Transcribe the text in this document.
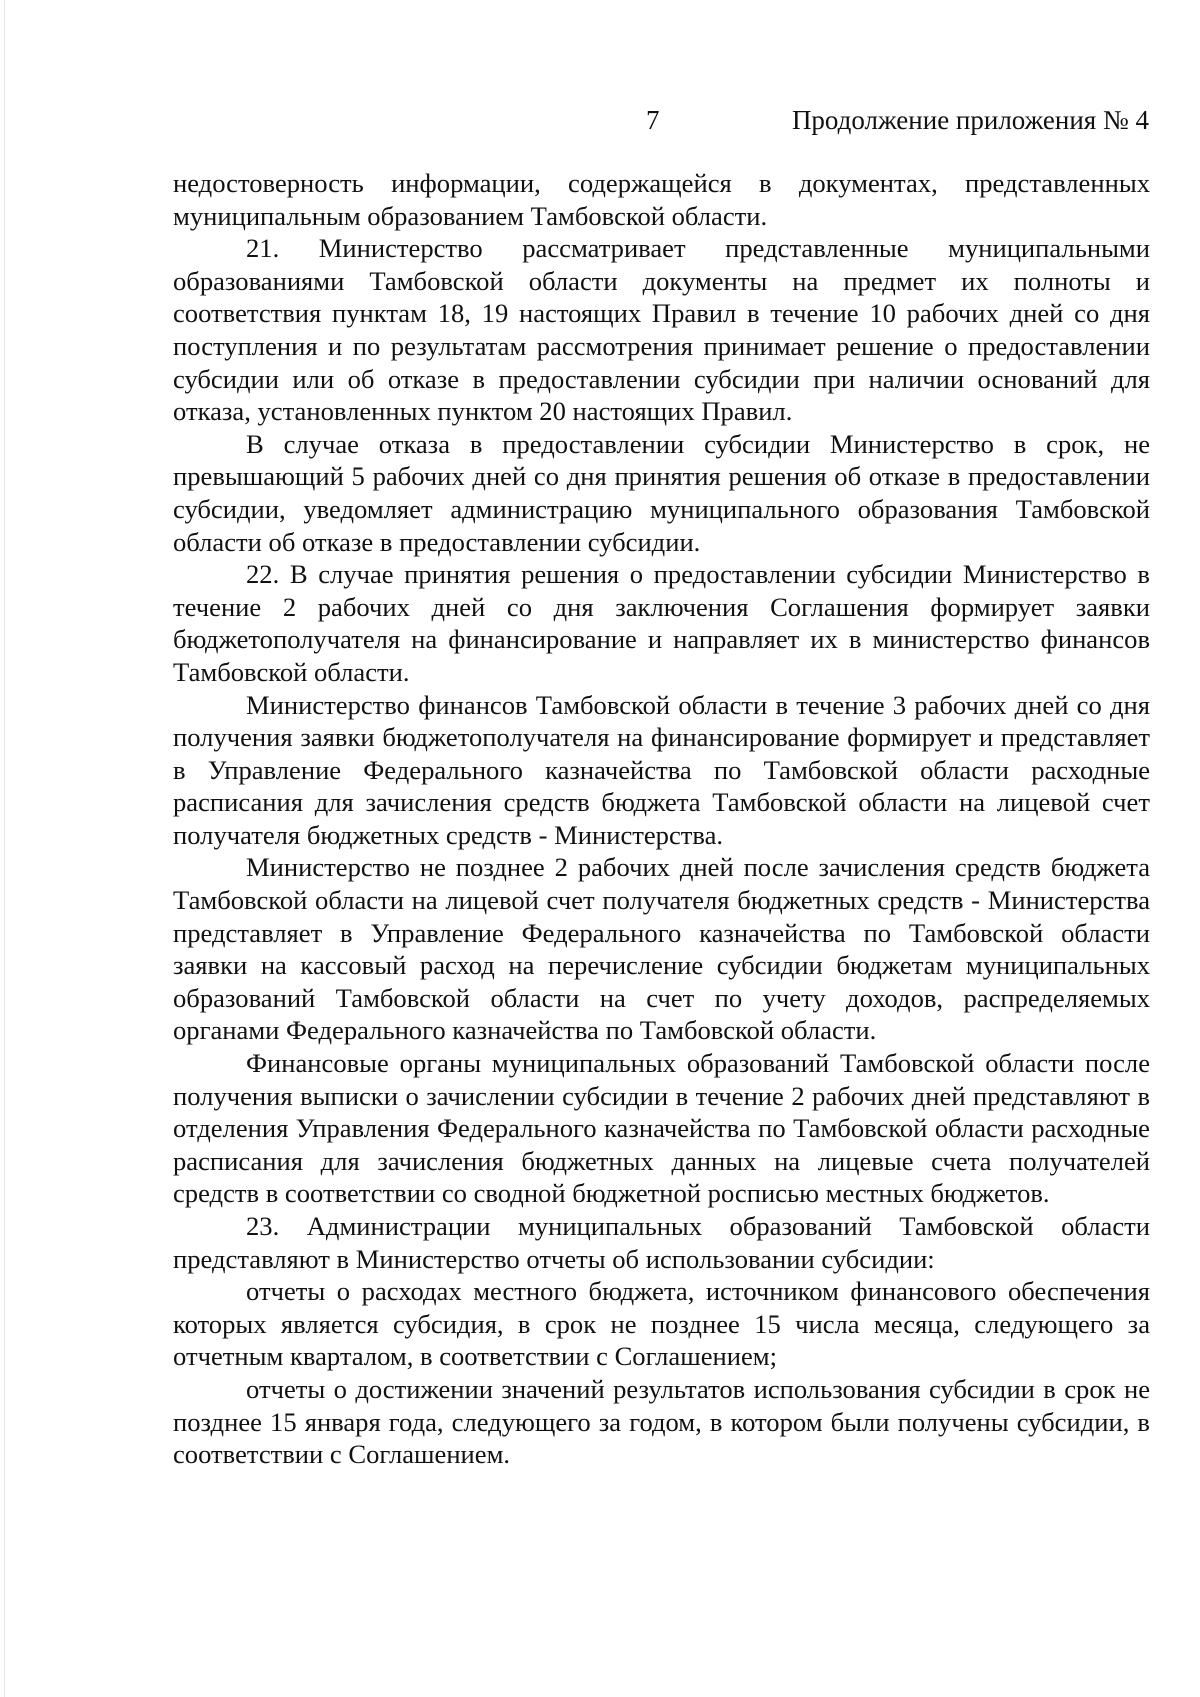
7	Продолжение приложения № 4

недостоверность информации, содержащейся в документах, представленных муниципальным образованием Тамбовской области.

21. Министерство рассматривает представленные муниципальными образованиями Тамбовской области документы на предмет их полноты и соответствия пунктам 18, 19 настоящих Правил в течение 10 рабочих дней со дня поступления и по результатам рассмотрения принимает решение о предоставлении субсидии или об отказе в предоставлении субсидии при наличии оснований для отказа, установленных пунктом 20 настоящих Правил.

В случае отказа в предоставлении субсидии Министерство в срок, не превышающий 5 рабочих дней со дня принятия решения об отказе в предоставлении субсидии, уведомляет администрацию муниципального образования Тамбовской области об отказе в предоставлении субсидии.

22. В случае принятия решения о предоставлении субсидии Министерство в течение 2 рабочих дней со дня заключения Соглашения формирует заявки бюджетополучателя на финансирование и направляет их в министерство финансов Тамбовской области.

Министерство финансов Тамбовской области в течение 3 рабочих дней со дня получения заявки бюджетополучателя на финансирование формирует и представляет в Управление Федерального казначейства по Тамбовской области расходные расписания для зачисления средств бюджета Тамбовской области на лицевой счет получателя бюджетных средств - Министерства.

Министерство не позднее 2 рабочих дней после зачисления средств бюджета Тамбовской области на лицевой счет получателя бюджетных средств - Министерства представляет в Управление Федерального казначейства по Тамбовской области заявки на кассовый расход на перечисление субсидии бюджетам муниципальных образований Тамбовской области на счет по учету доходов, распределяемых органами Федерального казначейства по Тамбовской области.

Финансовые органы муниципальных образований Тамбовской области после получения выписки о зачислении субсидии в течение 2 рабочих дней представляют в отделения Управления Федерального казначейства по Тамбовской области расходные расписания для зачисления бюджетных данных на лицевые счета получателей средств в соответствии со сводной бюджетной росписью местных бюджетов.

23. Администрации муниципальных образований Тамбовской области представляют в Министерство отчеты об использовании субсидии:

отчеты о расходах местного бюджета, источником финансового обеспечения которых является субсидия, в срок не позднее 15 числа месяца, следующего за отчетным кварталом, в соответствии с Соглашением;

отчеты о достижении значений результатов использования субсидии в срок не позднее 15 января года, следующего за годом, в котором были получены субсидии, в соответствии с Соглашением.
